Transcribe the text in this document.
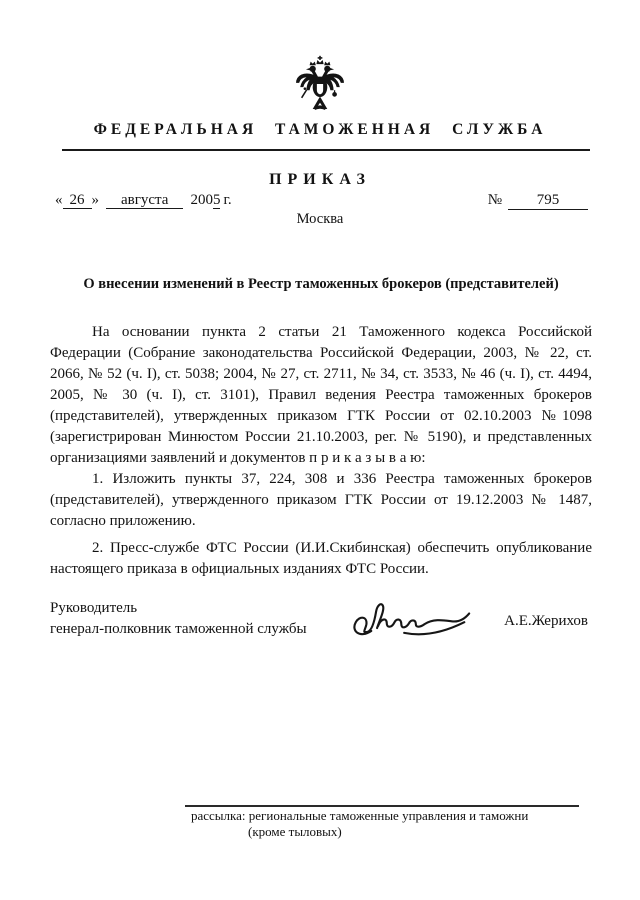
ФЕДЕРАЛЬНАЯ ТАМОЖЕННАЯ СЛУЖБА
ПРИКАЗ
« 26 » августа 2005 г.	№ 795
Москва
О внесении изменений в Реестр таможенных брокеров (представителей)

На основании пункта 2 статьи 21 Таможенного кодекса Российской Федерации (Собрание законодательства Российской Федерации, 2003, № 22, ст. 2066, № 52 (ч. I), ст. 5038; 2004, № 27, ст. 2711, № 34, ст. 3533, № 46 (ч. I), ст. 4494, 2005, № 30 (ч. I), ст. 3101), Правил ведения Реестра таможенных брокеров (представителей), утвержденных приказом ГТК России от 02.10.2003 №1098 (зарегистрирован Минюстом России 21.10.2003, рег. № 5190), и представленных организациями заявлений и документов п р и к а з ы в а ю:

1. Изложить пункты 37, 224, 308 и 336 Реестра таможенных брокеров (представителей), утвержденного приказом ГТК России от 19.12.2003 № 1487, согласно приложению.

2. Пресс-службе ФТС России (И.И.Скибинская) обеспечить опубликование настоящего приказа в официальных изданиях ФТС России.

Руководитель
генерал-полковник таможенной службы	А.Е.Жерихов
рассылка: региональные таможенные управления и таможни
(кроме тыловых)
